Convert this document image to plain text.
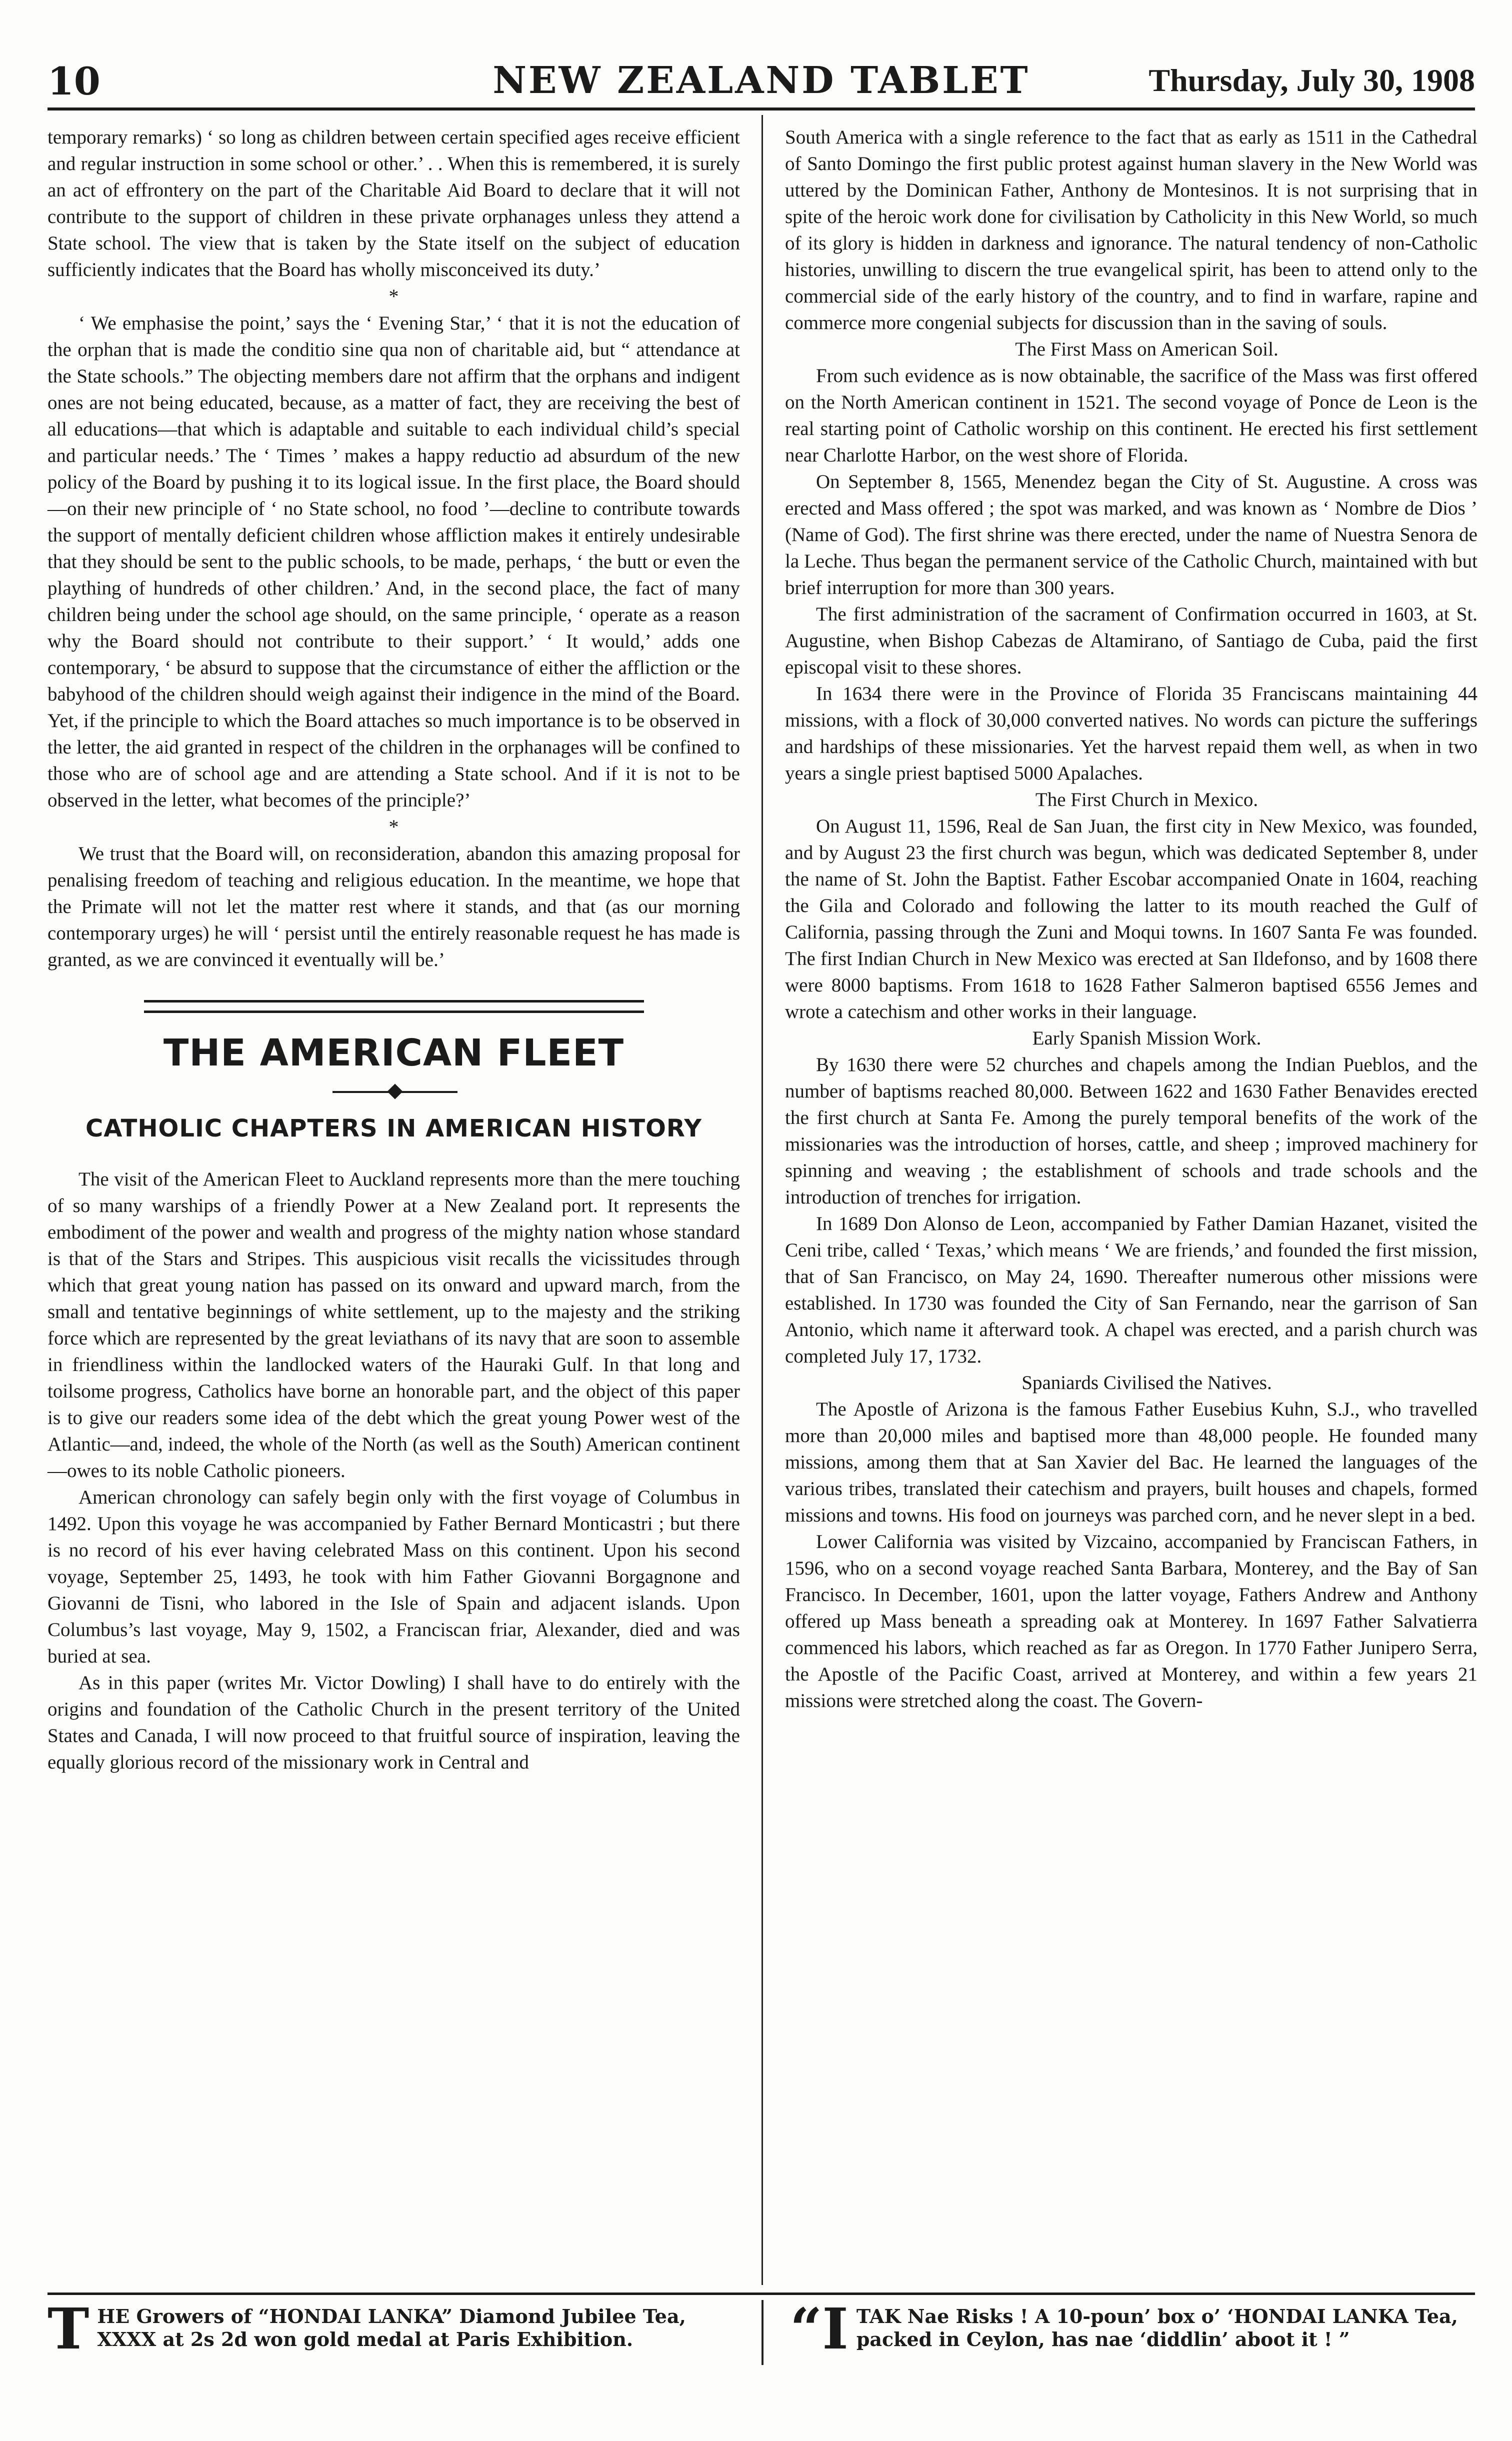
10	NEW ZEALAND TABLET	Thursday, July 30, 1908

temporary remarks) ‘ so long as children between certain specified ages receive efficient and regular instruction in some school or other.’ . . When this is remembered, it is surely an act of effrontery on the part of the Charitable Aid Board to declare that it will not contribute to the support of children in these private orphanages unless they attend a State school. The view that is taken by the State itself on the subject of education sufficiently indicates that the Board has wholly misconceived its duty.’

*

‘ We emphasise the point,’ says the ‘ Evening Star,’ ‘ that it is not the education of the orphan that is made the conditio sine qua non of charitable aid, but “ attendance at the State schools.” The objecting members dare not affirm that the orphans and indigent ones are not being educated, because, as a matter of fact, they are receiving the best of all educations—that which is adaptable and suitable to each individual child’s special and particular needs.’ The ‘ Times ’ makes a happy reductio ad absurdum of the new policy of the Board by pushing it to its logical issue. In the first place, the Board should—on their new principle of ‘ no State school, no food ’—decline to contribute towards the support of mentally deficient children whose affliction makes it entirely undesirable that they should be sent to the public schools, to be made, perhaps, ‘ the butt or even the plaything of hundreds of other children.’ And, in the second place, the fact of many children being under the school age should, on the same principle, ‘ operate as a reason why the Board should not contribute to their support.’ ‘ It would,’ adds one contemporary, ‘ be absurd to suppose that the circumstance of either the affliction or the babyhood of the children should weigh against their indigence in the mind of the Board. Yet, if the principle to which the Board attaches so much importance is to be observed in the letter, the aid granted in respect of the children in the orphanages will be confined to those who are of school age and are attending a State school. And if it is not to be observed in the letter, what becomes of the principle?’

*

We trust that the Board will, on reconsideration, abandon this amazing proposal for penalising freedom of teaching and religious education. In the meantime, we hope that the Primate will not let the matter rest where it stands, and that (as our morning contemporary urges) he will ‘ persist until the entirely reasonable request he has made is granted, as we are convinced it eventually will be.’

THE AMERICAN FLEET
CATHOLIC CHAPTERS IN AMERICAN HISTORY

The visit of the American Fleet to Auckland represents more than the mere touching of so many warships of a friendly Power at a New Zealand port. It represents the embodiment of the power and wealth and progress of the mighty nation whose standard is that of the Stars and Stripes. This auspicious visit recalls the vicissitudes through which that great young nation has passed on its onward and upward march, from the small and tentative beginnings of white settlement, up to the majesty and the striking force which are represented by the great leviathans of its navy that are soon to assemble in friendliness within the landlocked waters of the Hauraki Gulf. In that long and toilsome progress, Catholics have borne an honorable part, and the object of this paper is to give our readers some idea of the debt which the great young Power west of the Atlantic—and, indeed, the whole of the North (as well as the South) American continent—owes to its noble Catholic pioneers.

American chronology can safely begin only with the first voyage of Columbus in 1492. Upon this voyage he was accompanied by Father Bernard Monticastri ; but there is no record of his ever having celebrated Mass on this continent. Upon his second voyage, September 25, 1493, he took with him Father Giovanni Borgagnone and Giovanni de Tisni, who labored in the Isle of Spain and adjacent islands. Upon Columbus’s last voyage, May 9, 1502, a Franciscan friar, Alexander, died and was buried at sea.

As in this paper (writes Mr. Victor Dowling) I shall have to do entirely with the origins and foundation of the Catholic Church in the present territory of the United States and Canada, I will now proceed to that fruitful source of inspiration, leaving the equally glorious record of the missionary work in Central and

South America with a single reference to the fact that as early as 1511 in the Cathedral of Santo Domingo the first public protest against human slavery in the New World was uttered by the Dominican Father, Anthony de Montesinos. It is not surprising that in spite of the heroic work done for civilisation by Catholicity in this New World, so much of its glory is hidden in darkness and ignorance. The natural tendency of non-Catholic histories, unwilling to discern the true evangelical spirit, has been to attend only to the commercial side of the early history of the country, and to find in warfare, rapine and commerce more congenial subjects for discussion than in the saving of souls.

The First Mass on American Soil.

From such evidence as is now obtainable, the sacrifice of the Mass was first offered on the North American continent in 1521. The second voyage of Ponce de Leon is the real starting point of Catholic worship on this continent. He erected his first settlement near Charlotte Harbor, on the west shore of Florida.

On September 8, 1565, Menendez began the City of St. Augustine. A cross was erected and Mass offered ; the spot was marked, and was known as ‘ Nombre de Dios ’ (Name of God). The first shrine was there erected, under the name of Nuestra Senora de la Leche. Thus began the permanent service of the Catholic Church, maintained with but brief interruption for more than 300 years.

The first administration of the sacrament of Confirmation occurred in 1603, at St. Augustine, when Bishop Cabezas de Altamirano, of Santiago de Cuba, paid the first episcopal visit to these shores.

In 1634 there were in the Province of Florida 35 Franciscans maintaining 44 missions, with a flock of 30,000 converted natives. No words can picture the sufferings and hardships of these missionaries. Yet the harvest repaid them well, as when in two years a single priest baptised 5000 Apalaches.

The First Church in Mexico.

On August 11, 1596, Real de San Juan, the first city in New Mexico, was founded, and by August 23 the first church was begun, which was dedicated September 8, under the name of St. John the Baptist. Father Escobar accompanied Onate in 1604, reaching the Gila and Colorado and following the latter to its mouth reached the Gulf of California, passing through the Zuni and Moqui towns. In 1607 Santa Fe was founded. The first Indian Church in New Mexico was erected at San Ildefonso, and by 1608 there were 8000 baptisms. From 1618 to 1628 Father Salmeron baptised 6556 Jemes and wrote a catechism and other works in their language.

Early Spanish Mission Work.

By 1630 there were 52 churches and chapels among the Indian Pueblos, and the number of baptisms reached 80,000. Between 1622 and 1630 Father Benavides erected the first church at Santa Fe. Among the purely temporal benefits of the work of the missionaries was the introduction of horses, cattle, and sheep ; improved machinery for spinning and weaving ; the establishment of schools and trade schools and the introduction of trenches for irrigation.

In 1689 Don Alonso de Leon, accompanied by Father Damian Hazanet, visited the Ceni tribe, called ‘ Texas,’ which means ‘ We are friends,’ and founded the first mission, that of San Francisco, on May 24, 1690. Thereafter numerous other missions were established. In 1730 was founded the City of San Fernando, near the garrison of San Antonio, which name it afterward took. A chapel was erected, and a parish church was completed July 17, 1732.

Spaniards Civilised the Natives.

The Apostle of Arizona is the famous Father Eusebius Kuhn, S.J., who travelled more than 20,000 miles and baptised more than 48,000 people. He founded many missions, among them that at San Xavier del Bac. He learned the languages of the various tribes, translated their catechism and prayers, built houses and chapels, formed missions and towns. His food on journeys was parched corn, and he never slept in a bed.

Lower California was visited by Vizcaino, accompanied by Franciscan Fathers, in 1596, who on a second voyage reached Santa Barbara, Monterey, and the Bay of San Francisco. In December, 1601, upon the latter voyage, Fathers Andrew and Anthony offered up Mass beneath a spreading oak at Monterey. In 1697 Father Salvatierra commenced his labors, which reached as far as Oregon. In 1770 Father Junipero Serra, the Apostle of the Pacific Coast, arrived at Monterey, and within a few years 21 missions were stretched along the coast. The Govern-

T HE Growers of “HONDAI LANKA” Diamond Jubilee Tea, XXXX at 2s 2d won gold medal at Paris Exhibition.	“I TAK Nae Risks ! A 10-poun’ box o’ ‘HONDAI LANKA Tea, packed in Ceylon, has nae ‘diddlin’ aboot it ! ”
